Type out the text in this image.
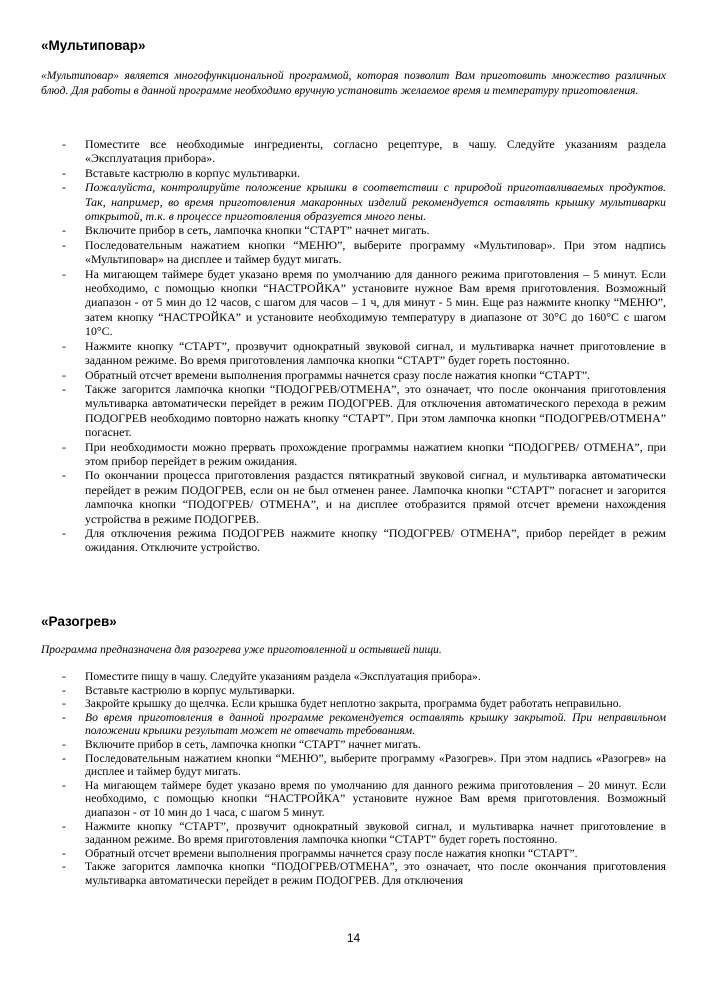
«Мультиповар»

«Мультиповар» является многофункциональной программой, которая позволит Вам приготовить множество различных блюд. Для работы в данной программе необходимо вручную установить желаемое время и температуру приготовления.

-	Поместите все необходимые ингредиенты, согласно рецептуре, в чашу. Следуйте указаниям раздела «Эксплуатация прибора».
-	Вставьте кастрюлю в корпус мультиварки.
-	Пожалуйста, контролируйте положение крышки в соответствии с природой приготавливаемых продуктов. Так, например, во время приготовления макаронных изделий рекомендуется оставлять крышку мультиварки открытой, т.к. в процессе приготовления образуется много пены.
-	Включите прибор в сеть, лампочка кнопки “СТАРТ” начнет мигать.
-	Последовательным нажатием кнопки “МЕНЮ”, выберите программу «Мультиповар». При этом надпись «Мультиповар» на дисплее и таймер будут мигать.
-	На мигающем таймере будет указано время по умолчанию для данного режима приготовления – 5 минут. Если необходимо, с помощью кнопки “НАСТРОЙКА” установите нужное Вам время приготовления. Возможный диапазон - от 5 мин до 12 часов, с шагом для часов – 1 ч, для минут - 5 мин. Еще раз нажмите кнопку “МЕНЮ”, затем кнопку “НАСТРОЙКА” и установите необходимую температуру в диапазоне от 30°C до 160°C с шагом 10°C.
-	Нажмите кнопку “СТАРТ”, прозвучит однократный звуковой сигнал, и мультиварка начнет приготовление в заданном режиме. Во время приготовления лампочка кнопки “СТАРТ” будет гореть постоянно.
-	Обратный отсчет времени выполнения программы начнется сразу после нажатия кнопки “СТАРТ”.
-	Также загорится лампочка кнопки “ПОДОГРЕВ/ОТМЕНА”, это означает, что после окончания приготовления мультиварка автоматически перейдет в режим ПОДОГРЕВ. Для отключения автоматического перехода в режим ПОДОГРЕВ необходимо повторно нажать кнопку “СТАРТ”. При этом лампочка кнопки “ПОДОГРЕВ/ОТМЕНА” погаснет.
-	При необходимости можно прервать прохождение программы нажатием кнопки “ПОДОГРЕВ/ ОТМЕНА”, при этом прибор перейдет в режим ожидания.
-	По окончании процесса приготовления раздастся пятикратный звуковой сигнал, и мультиварка автоматически перейдет в режим ПОДОГРЕВ, если он не был отменен ранее. Лампочка кнопки “СТАРТ” погаснет и загорится лампочка кнопки “ПОДОГРЕВ/ ОТМЕНА”, и на дисплее отобразится прямой отсчет времени нахождения устройства в режиме ПОДОГРЕВ.
-	Для отключения режима ПОДОГРЕВ нажмите кнопку “ПОДОГРЕВ/ ОТМЕНА”, прибор перейдет в режим ожидания. Отключите устройство.
«Разогрев»

Программа предназначена для разогрева уже приготовленной и остывшей пищи.

-	Поместите пищу в чашу. Следуйте указаниям раздела «Эксплуатация прибора».
-	Вставьте кастрюлю в корпус мультиварки.
-	Закройте крышку до щелчка. Если крышка будет неплотно закрыта, программа будет работать неправильно.
-	Во время приготовления в данной программе рекомендуется оставлять крышку закрытой. При неправильном положении крышки результат может не отвечать требованиям.
-	Включите прибор в сеть, лампочка кнопки “СТАРТ” начнет мигать.
-	Последовательным нажатием кнопки “МЕНЮ”, выберите программу «Разогрев». При этом надпись «Разогрев» на дисплее и таймер будут мигать.
-	На мигающем таймере будет указано время по умолчанию для данного режима приготовления – 20 минут. Если необходимо, с помощью кнопки “НАСТРОЙКА” установите нужное Вам время приготовления. Возможный диапазон - от 10 мин до 1 часа, с шагом 5 минут.
-	Нажмите кнопку “СТАРТ”, прозвучит однократный звуковой сигнал, и мультиварка начнет приготовление в заданном режиме. Во время приготовления лампочка кнопки “СТАРТ” будет гореть постоянно.
-	Обратный отсчет времени выполнения программы начнется сразу после нажатия кнопки “СТАРТ”.
-	Также загорится лампочка кнопки “ПОДОГРЕВ/ОТМЕНА”, это означает, что после окончания приготовления мультиварка автоматически перейдет в режим ПОДОГРЕВ. Для отключения
14
